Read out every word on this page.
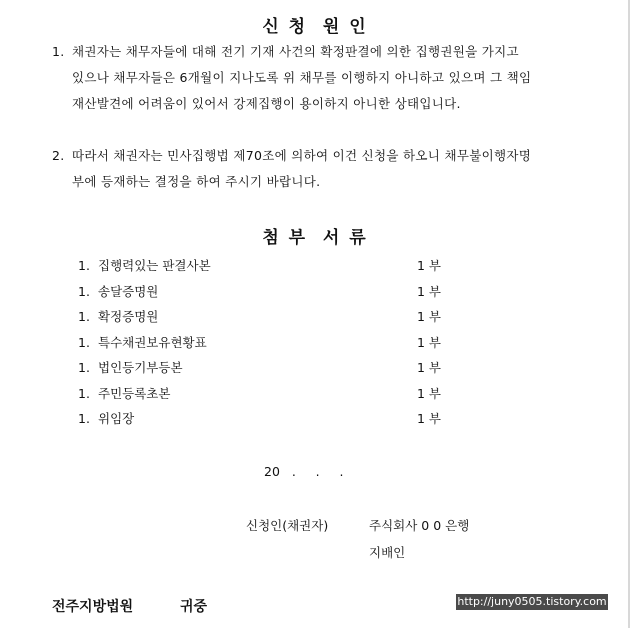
신 청  원 인
1. 채권자는 채무자들에 대해 전기 기재 사건의 확정판결에 의한 집행권원을 가지고
있으나 채무자들은 6개월이 지나도록 위 채무를 이행하지 아니하고 있으며 그 책임
재산발견에 어려움이 있어서 강제집행이 용이하지 아니한 상태입니다.
2. 따라서 채권자는 민사집행법 제70조에 의하여 이건 신청을 하오니 채무불이행자명
부에 등재하는 결정을 하여 주시기 바랍니다.
첨 부  서 류
1. 집행력있는 판결사본	1 부
1. 송달증명원	1 부
1. 확정증명원	1 부
1. 특수채권보유현황표	1 부
1. 법인등기부등본	1 부
1. 주민등록초본	1 부
1. 위임장	1 부
20   .     .     .
신청인(채권자)	주식회사 0 0 은행
지배인
전주지방법원	귀중	http://juny0505.tistory.com
